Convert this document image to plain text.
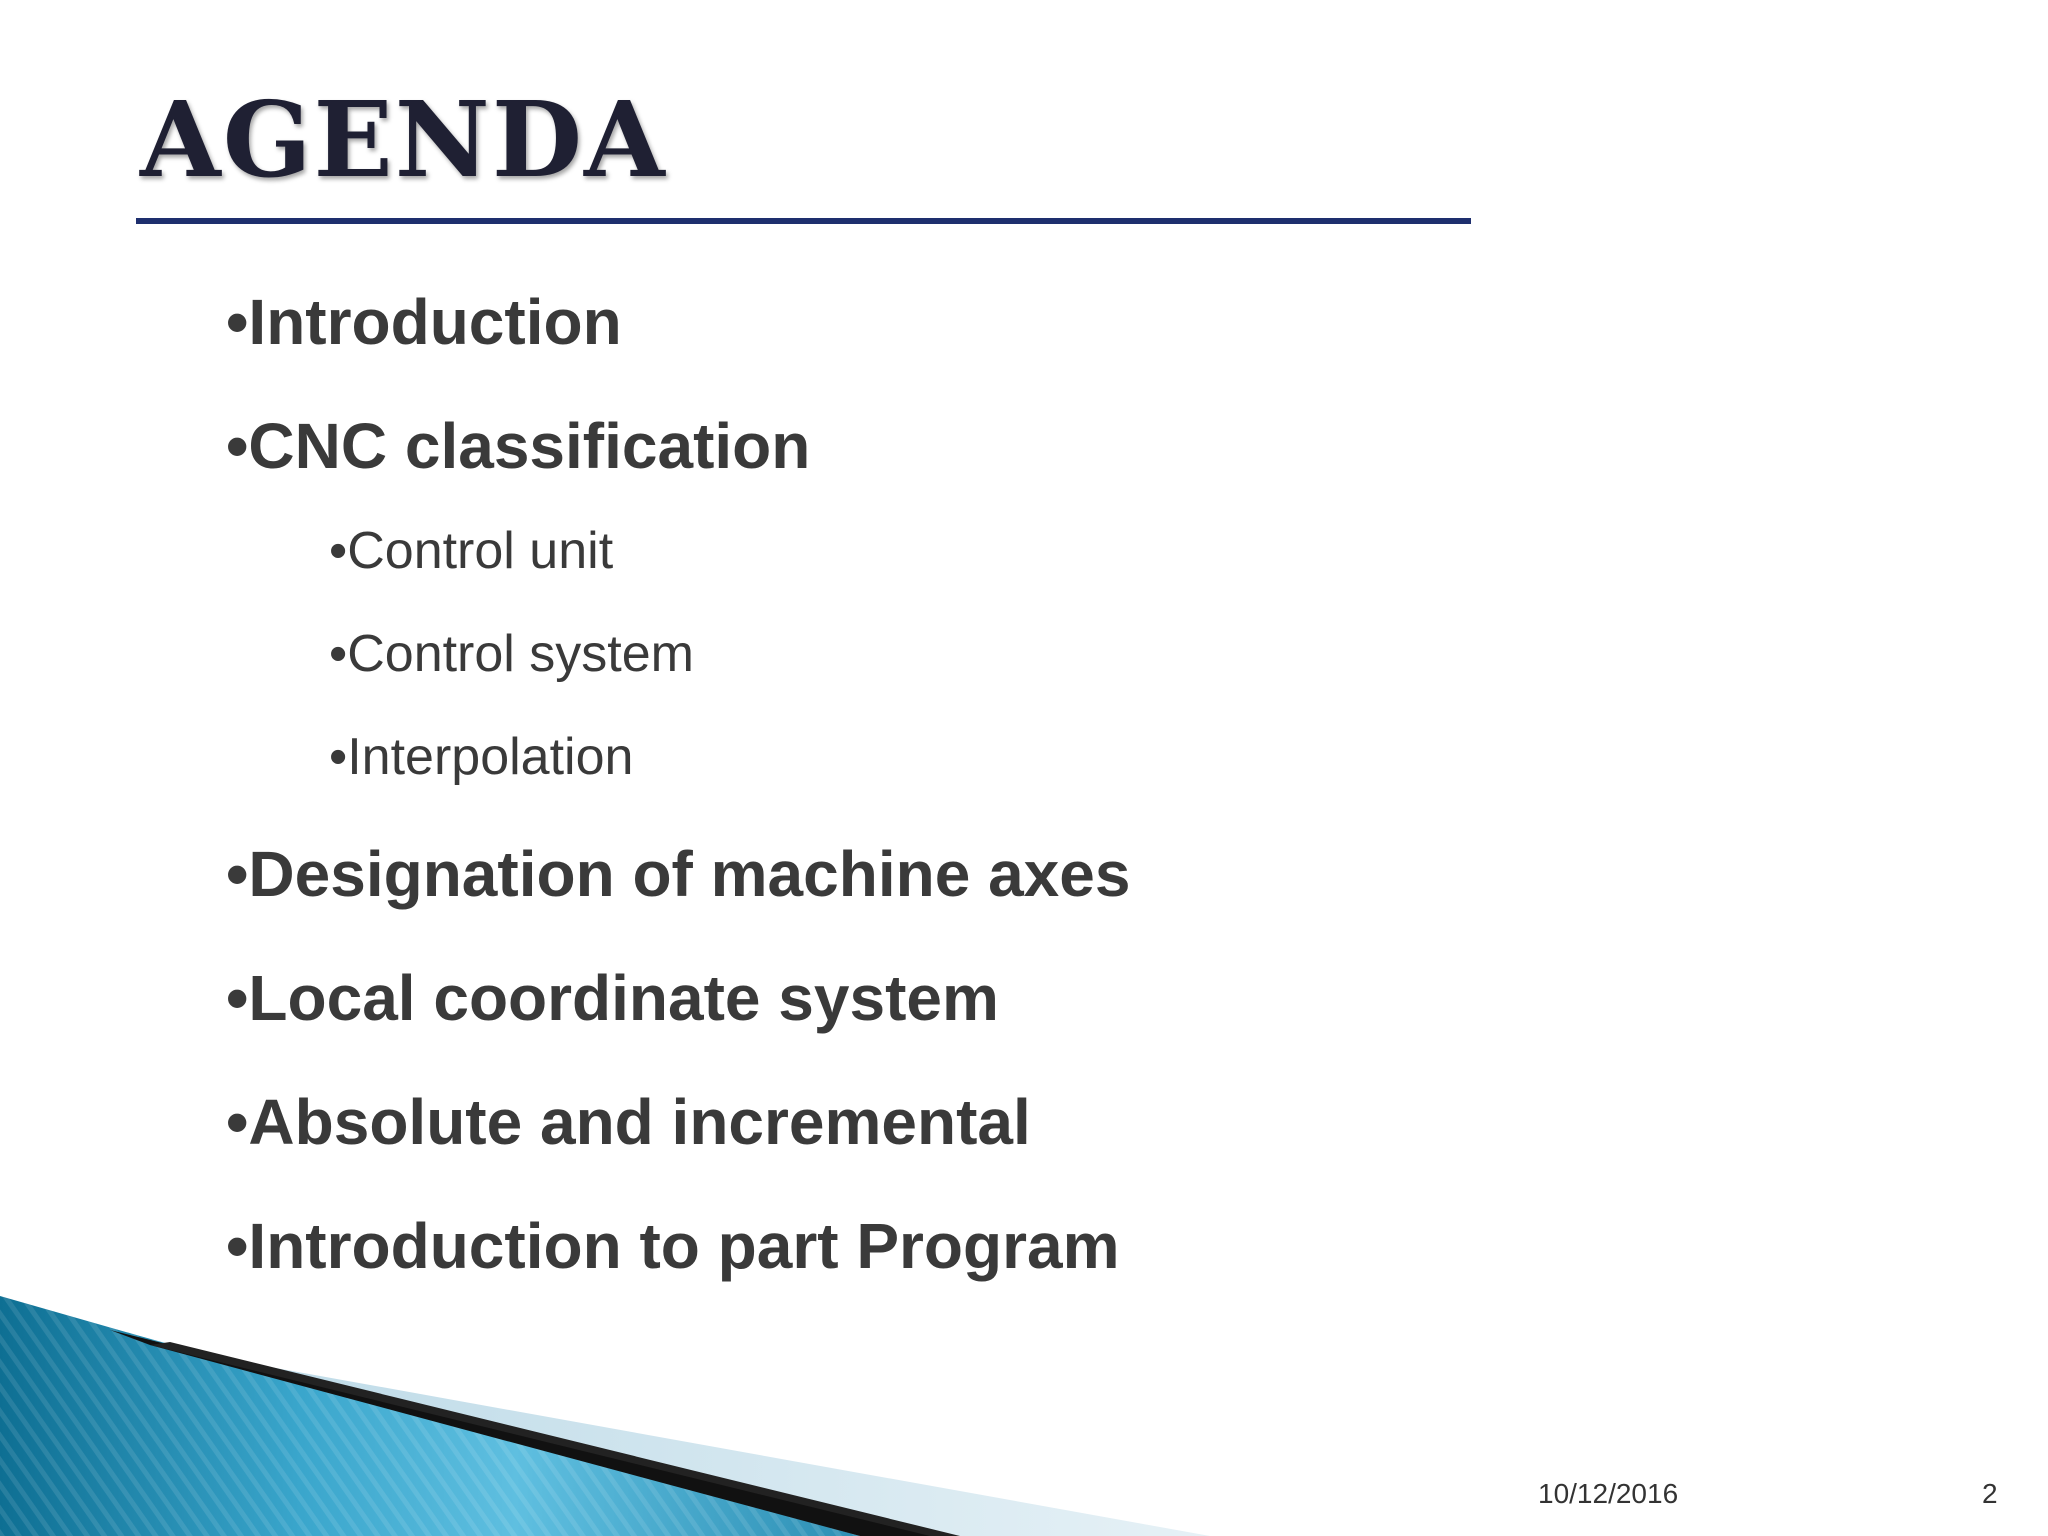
AGENDA
•Introduction
•CNC classification
•Control unit
•Control system
•Interpolation
•Designation of machine axes
•Local coordinate system
•Absolute and incremental
•Introduction to part Program
10/12/2016	2
